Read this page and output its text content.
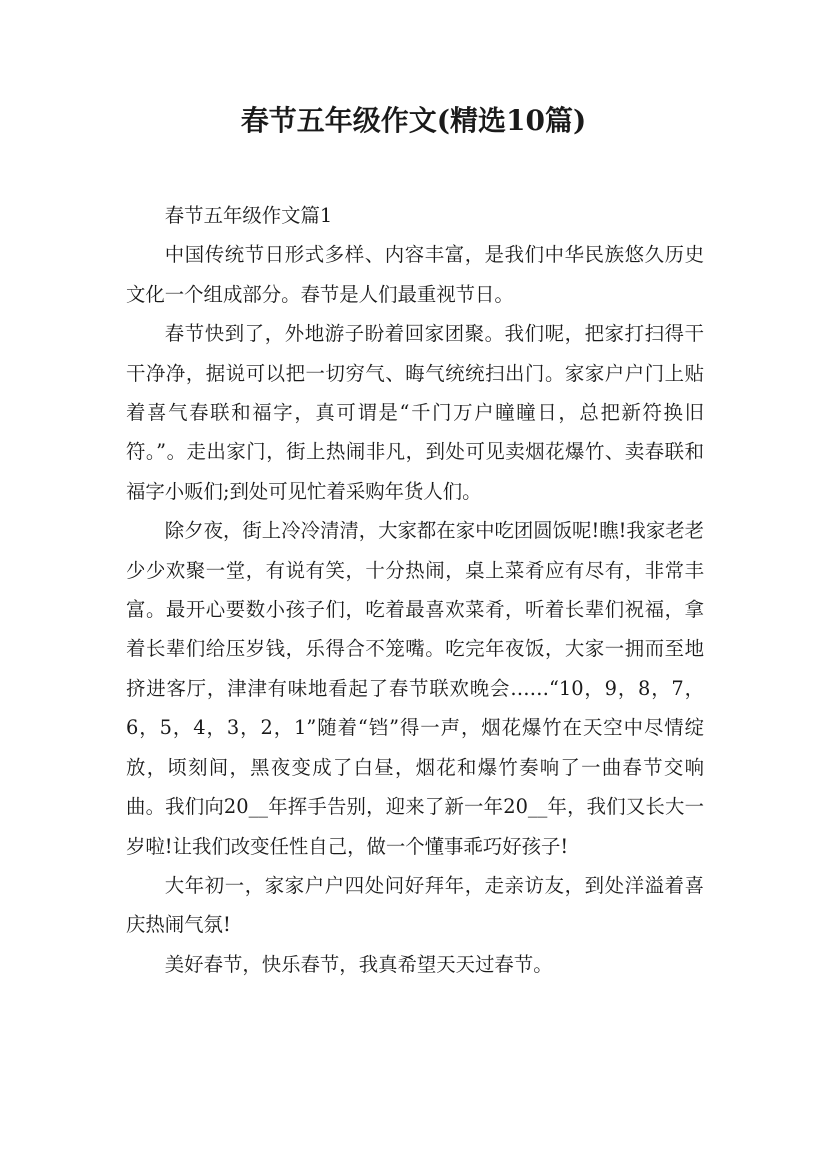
春节五年级作文(精选10篇)

春节五年级作文篇1

中国传统节日形式多样、内容丰富，是我们中华民族悠久历史文化一个组成部分。春节是人们最重视节日。

春节快到了，外地游子盼着回家团聚。我们呢，把家打扫得干干净净，据说可以把一切穷气、晦气统统扫出门。家家户户门上贴着喜气春联和福字，真可谓是“千门万户瞳瞳日，总把新符换旧符。”。走出家门，街上热闹非凡，到处可见卖烟花爆竹、卖春联和福字小贩们;到处可见忙着采购年货人们。

除夕夜，街上冷冷清清，大家都在家中吃团圆饭呢!瞧!我家老老少少欢聚一堂，有说有笑，十分热闹，桌上菜肴应有尽有，非常丰富。最开心要数小孩子们，吃着最喜欢菜肴，听着长辈们祝福，拿着长辈们给压岁钱，乐得合不笼嘴。吃完年夜饭，大家一拥而至地挤进客厅，津津有味地看起了春节联欢晚会……“10，9，8，7，6，5，4，3，2，1”随着“铛”得一声，烟花爆竹在天空中尽情绽放，顷刻间，黑夜变成了白昼，烟花和爆竹奏响了一曲春节交响曲。我们向20__年挥手告别，迎来了新一年20__年，我们又长大一岁啦!让我们改变任性自己，做一个懂事乖巧好孩子!

大年初一，家家户户四处问好拜年，走亲访友，到处洋溢着喜庆热闹气氛!

美好春节，快乐春节，我真希望天天过春节。
